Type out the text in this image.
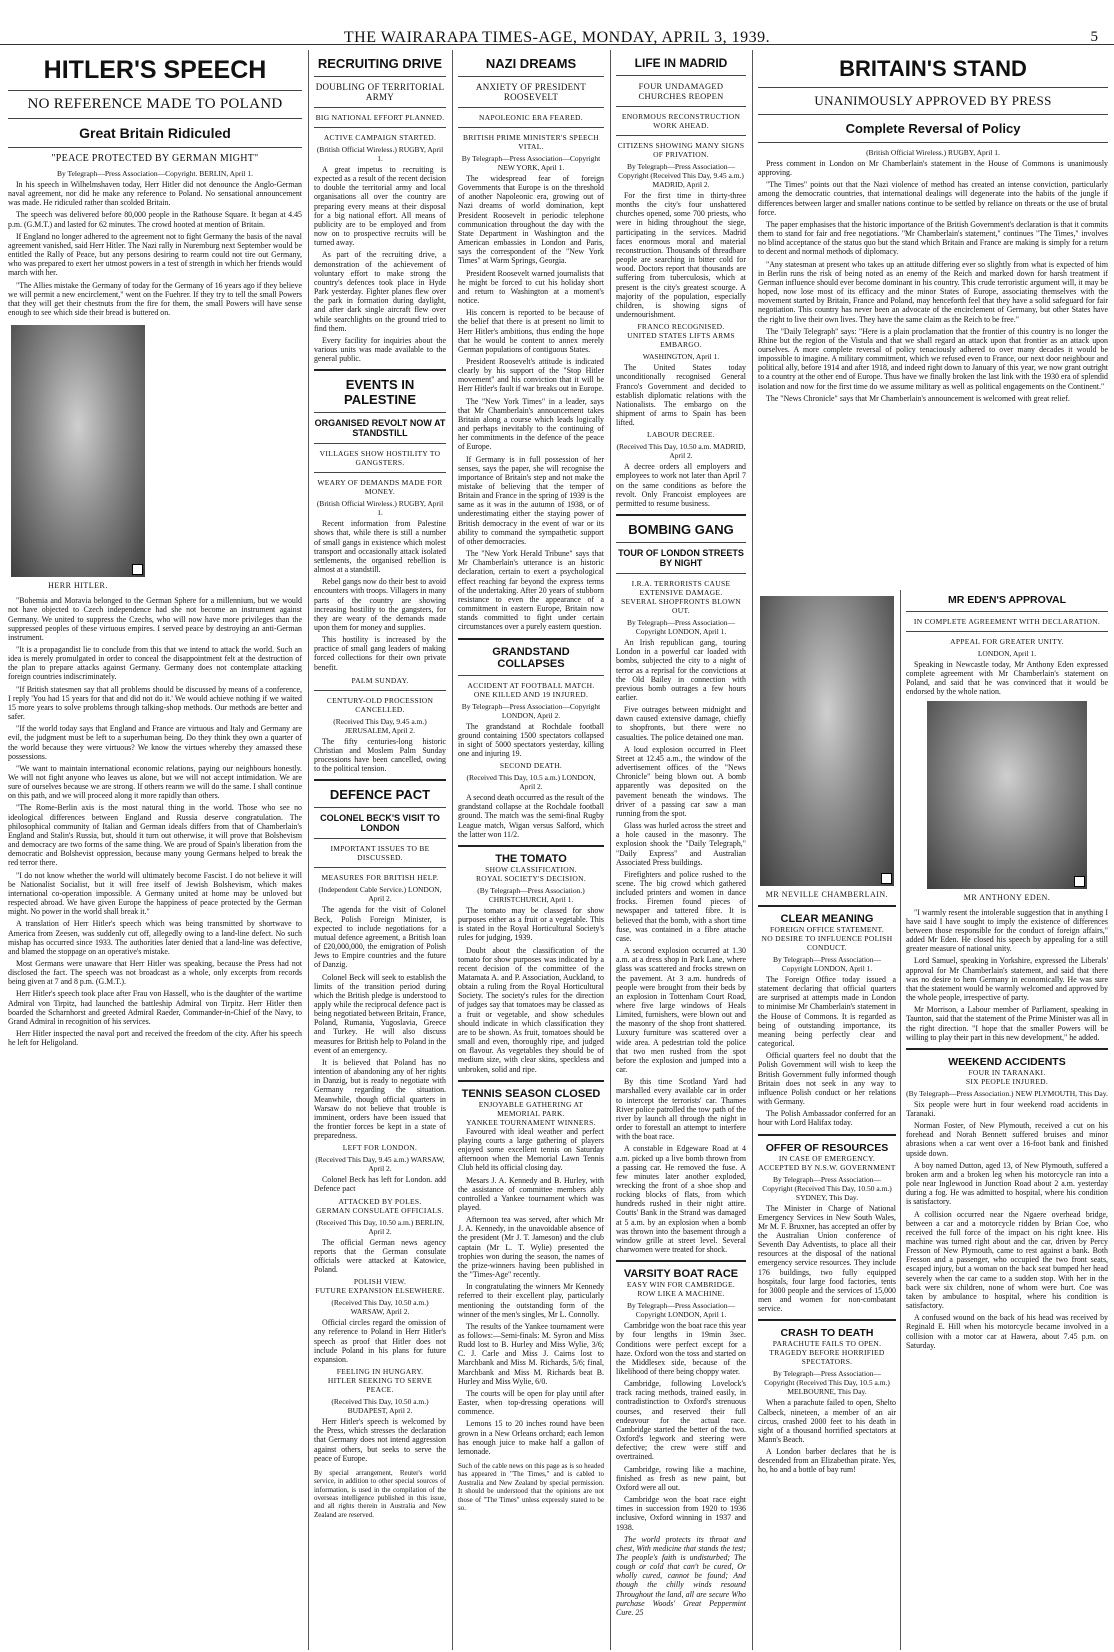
THE WAIRARAPA TIMES-AGE, MONDAY, APRIL 3, 1939.	5
HITLER'S SPEECH
NO REFERENCE MADE TO POLAND
Great Britain Ridiculed
"PEACE PROTECTED BY GERMAN MIGHT"
By Telegraph—Press Association—Copyright. BERLIN, April 1.

In his speech in Wilhelmshaven today, Herr Hitler did not denounce the Anglo-German naval agreement, nor did he make any reference to Poland. No sensational announcement was made. He ridiculed rather than scolded Britain.

The speech was delivered before 80,000 people in the Rathouse Square. It began at 4.45 p.m. (G.M.T.) and lasted for 62 minutes. The crowd hooted at mention of Britain.

If England no longer adhered to the agreement not to fight Germany the basis of the naval agreement vanished, said Herr Hitler. The Nazi rally in Nuremburg next September would be entitled the Rally of Peace, but any persons desiring to rearm could not tire out Germany, who was prepared to exert her utmost powers in a test of strength in which her friends would march with her.

"The Allies mistake the Germany of today for the Germany of 16 years ago if they believe we will permit a new encirclement," went on the Fuehrer. If they try to tell the small Powers that they will get their chestnuts from the fire for them, the small Powers will have sense enough to see which side their bread is buttered on.

HERR HITLER.

"Bohemia and Moravia belonged to the German Sphere for a millennium, but we would not have objected to Czech independence had she not become an instrument against Germany. We united to suppress the Czechs, who will now have more privileges than the suppressed peoples of these virtuous empires. I served peace by destroying an anti-German instrument.

"It is a propagandist lie to conclude from this that we intend to attack the world. Such an idea is merely promulgated in order to conceal the disappointment felt at the destruction of the plan to prepare attacks against Germany. Germany does not contemplate attacking foreign countries indiscriminately.

"If British statesmen say that all problems should be discussed by means of a conference, I reply 'You had 15 years for that and did not do it.' We would achieve nothing if we waited 15 more years to solve problems through talking-shop methods. Our methods are better and safer.

"If the world today says that England and France are virtuous and Italy and Germany are evil, the judgment must be left to a superhuman being. Do they think they own a quarter of the world because they were virtuous? We know the virtues whereby they amassed these possessions.

"We want to maintain international economic relations, paying our neighbours honestly. We will not fight anyone who leaves us alone, but we will not accept intimidation. We are sure of ourselves because we are strong. If others rearm we will do the same. I shall continue on this path, and we will proceed along it more rapidly than others.

"The Rome-Berlin axis is the most natural thing in the world. Those who see no ideological differences between England and Russia deserve congratulation. The philosophical community of Italian and German ideals differs from that of Chamberlain's England and Stalin's Russia, but, should it turn out otherwise, it will prove that Bolshevism and democracy are two forms of the same thing. We are proud of Spain's liberation from the democratic and Bolshevist oppression, because many young Germans helped to break the red terror there.

"I do not know whether the world will ultimately become Fascist. I do not believe it will be Nationalist Socialist, but it will free itself of Jewish Bolshevism, which makes international co-operation impossible. A Germany united at home may be unloved but respected abroad. We have given Europe the happiness of peace protected by the German might. No power in the world shall break it."

A translation of Herr Hitler's speech which was being transmitted by shortwave to America from Zeesen, was suddenly cut off, allegedly owing to a land-line defect. No such mishap has occurred since 1933. The authorities later denied that a land-line was defective, and blamed the stoppage on an operative's mistake.

Most Germans were unaware that Herr Hitler was speaking, because the Press had not disclosed the fact. The speech was not broadcast as a whole, only excerpts from records being given at 7 and 8 p.m. (G.M.T.).

Herr Hitler's speech took place after Frau von Hassell, who is the daughter of the wartime Admiral von Tirpitz, had launched the battleship Admiral von Tirpitz. Herr Hitler then boarded the Scharnhorst and greeted Admiral Raeder, Commander-in-Chief of the Navy, to Grand Admiral in recognition of his services.

Herr Hitler inspected the naval port and received the freedom of the city. After his speech he left for Heligoland.

RECRUITING DRIVE
DOUBLING OF TERRITORIAL ARMY
BIG NATIONAL EFFORT PLANNED.
ACTIVE CAMPAIGN STARTED.
(British Official Wireless.) RUGBY, April 1.

A great impetus to recruiting is expected as a result of the recent decision to double the territorial army and local organisations all over the country are preparing every means at their disposal for a big national effort. All means of publicity are to be employed and from now on to prospective recruits will be turned away.

As part of the recruiting drive, a demonstration of the achievement of voluntary effort to make strong the country's defences took place in Hyde Park yesterday. Fighter planes flew over the park in formation during daylight, and after dark single aircraft flew over while searchlights on the ground tried to find them.

Every facility for inquiries about the various units was made available to the general public.

EVENTS IN PALESTINE
ORGANISED REVOLT NOW AT STANDSTILL
VILLAGES SHOW HOSTILITY TO GANGSTERS.
WEARY OF DEMANDS MADE FOR MONEY.
(British Official Wireless.) RUGBY, April 1.

Recent information from Palestine shows that, while there is still a number of small gangs in existence which molest transport and occasionally attack isolated settlements, the organised rebellion is almost at a standstill.

Rebel gangs now do their best to avoid encounters with troops. Villagers in many parts of the country are showing increasing hostility to the gangsters, for they are weary of the demands made upon them for money and supplies.

This hostility is increased by the practice of small gang leaders of making forced collections for their own private benefit.

PALM SUNDAY.
CENTURY-OLD PROCESSION CANCELLED.
(Received This Day, 9.45 a.m.) JERUSALEM, April 2.

The fifty centuries-long historic Christian and Moslem Palm Sunday processions have been cancelled, owing to the political tension.

DEFENCE PACT
COLONEL BECK'S VISIT TO LONDON
IMPORTANT ISSUES TO BE DISCUSSED.
MEASURES FOR BRITISH HELP.
(Independent Cable Service.) LONDON, April 2.

The agenda for the visit of Colonel Beck, Polish Foreign Minister, is expected to include negotiations for a mutual defence agreement, a British loan of £20,000,000, the emigration of Polish Jews to Empire countries and the future of Danzig.

Colonel Beck will seek to establish the limits of the transition period during which the British pledge is understood to apply while the reciprocal defence pact is being negotiated between Britain, France, Poland, Rumania, Yugoslavia, Greece and Turkey. He will also discuss measures for British help to Poland in the event of an emergency.

It is believed that Poland has no intention of abandoning any of her rights in Danzig, but is ready to negotiate with Germany regarding the situation. Meanwhile, though official quarters in Warsaw do not believe that trouble is imminent, orders have been issued that the frontier forces be kept in a state of preparedness.

LEFT FOR LONDON.
(Received This Day, 9.45 a.m.) WARSAW, April 2.

Colonel Beck has left for London. add Defence pact

ATTACKED BY POLES.
GERMAN CONSULATE OFFICIALS.
(Received This Day, 10.50 a.m.) BERLIN, April 2.

The official German news agency reports that the German consulate officials were attacked at Katowice, Poland.

POLISH VIEW.
FUTURE EXPANSION ELSEWHERE.
(Received This Day, 10.50 a.m.) WARSAW, April 2.

Official circles regard the omission of any reference to Poland in Herr Hitler's speech as proof that Hitler does not include Poland in his plans for future expansion.

FEELING IN HUNGARY.
HITLER SEEKING TO SERVE PEACE.
(Received This Day, 10.50 a.m.) BUDAPEST, April 2.

Herr Hitler's speech is welcomed by the Press, which stresses the declaration that Germany does not intend aggression against others, but seeks to serve the peace of Europe.

By special arrangement, Reuter's world service, in addition to other special sources of information, is used in the compilation of the overseas intelligence published in this issue, and all rights therein in Australia and New Zealand are reserved.
NAZI DREAMS
ANXIETY OF PRESIDENT ROOSEVELT
NAPOLEONIC ERA FEARED.
BRITISH PRIME MINISTER'S SPEECH VITAL.
By Telegraph—Press Association—Copyright NEW YORK, April 1.

The widespread fear of foreign Governments that Europe is on the threshold of another Napoleonic era, growing out of Nazi dreams of world domination, kept President Roosevelt in periodic telephone communication throughout the day with the State Department in Washington and the American embassies in London and Paris, says the correspondent of the "New York Times" at Warm Springs, Georgia.

President Roosevelt warned journalists that he might be forced to cut his holiday short and return to Washington at a moment's notice.

His concern is reported to be because of the belief that there is at present no limit to Herr Hitler's ambitions, thus ending the hope that he would be content to annex merely German populations of contiguous States.

President Roosevelt's attitude is indicated clearly by his support of the "Stop Hitler movement" and his conviction that it will be Herr Hitler's fault if war breaks out in Europe.

The "New York Times" in a leader, says that Mr Chamberlain's announcement takes Britain along a course which leads logically and perhaps inevitably to the continuing of her commitments in the defence of the peace of Europe.

If Germany is in full possession of her senses, says the paper, she will recognise the importance of Britain's step and not make the mistake of believing that the temper of Britain and France in the spring of 1939 is the same as it was in the autumn of 1938, or of underestimating either the staying power of British democracy in the event of war or its ability to command the sympathetic support of other democracies.

The "New York Herald Tribune" says that Mr Chamberlain's utterance is an historic declaration, certain to exert a psychological effect reaching far beyond the express terms of the undertaking. After 20 years of stubborn resistance to even the appearance of a commitment in eastern Europe, Britain now stands committed to fight under certain circumstances over a purely eastern question.

GRANDSTAND COLLAPSES
ACCIDENT AT FOOTBALL MATCH.
ONE KILLED AND 19 INJURED.
By Telegraph—Press Association—Copyright LONDON, April 2.

The grandstand at Rochdale football ground containing 1500 spectators collapsed in sight of 5000 spectators yesterday, killing one and injuring 19.

SECOND DEATH.
(Received This Day, 10.5 a.m.) LONDON, April 2.

A second death occurred as the result of the grandstand collapse at the Rochdale football ground. The match was the semi-final Rugby League match, Wigan versus Salford, which the latter won 11/2.

THE TOMATO
SHOW CLASSIFICATION.
ROYAL SOCIETY'S DECISION.
(By Telegraph—Press Association.) CHRISTCHURCH, April 1.

The tomato may be classed for show purposes either as a fruit or a vegetable. This is stated in the Royal Horticultural Society's rules for judging, 1939.

Doubt about the classification of the tomato for show purposes was indicated by a recent decision of the committee of the Matamata A. and P. Association, Auckland, to obtain a ruling from the Royal Horticultural Society. The society's rules for the direction of judges say that tomatoes may be classed as a fruit or vegetable, and show schedules should indicate in which classification they are to be shown. As fruit, tomatoes should be small and even, thoroughly ripe, and judged on flavour. As vegetables they should be of medium size, with clear skins, speckless and unbroken, solid and ripe.

TENNIS SEASON CLOSED
ENJOYABLE GATHERING AT MEMORIAL PARK.
YANKEE TOURNAMENT WINNERS.

Favoured with ideal weather and perfect playing courts a large gathering of players enjoyed some excellent tennis on Saturday afternoon when the Memorial Lawn Tennis Club held its official closing day.

Mesars J. A. Kennedy and B. Hurley, with the assistance of committee members ably controlled a Yankee tournament which was played.

Afternoon tea was served, after which Mr J. A. Kennedy, in the unavoidable absence of the president (Mr J. T. Jameson) and the club captain (Mr L. T. Wylie) presented the trophies won during the season, the names of the prize-winners having been published in the "Times-Age" recently.

In congratulating the winners Mr Kennedy referred to their excellent play, particularly mentioning the outstanding form of the winner of the men's singles, Mr L. Connolly.

The results of the Yankee tournament were as follows:—Semi-finals: M. Syron and Miss Rudd lost to B. Hurley and Miss Wylie, 3/6; C. J. Carle and Miss J. Cairns lost to Marchbank and Miss M. Richards, 5/6; final, Marchbank and Miss M. Richards beat B. Hurley and Miss Wylie, 6/0.

The courts will be open for play until after Easter, when top-dressing operations will commence.

Lemons 15 to 20 inches round have been grown in a New Orleans orchard; each lemon has enough juice to make half a gallon of lemonade.

Such of the cable news on this page as is so headed has appeared in "The Times," and is cabled to Australia and New Zealand by special permission. It should be understood that the opinions are not those of "The Times" unless expressly stated to be so.
LIFE IN MADRID
FOUR UNDAMAGED CHURCHES REOPEN
ENORMOUS RECONSTRUCTION WORK AHEAD.
CITIZENS SHOWING MANY SIGNS OF PRIVATION.
By Telegraph—Press Association—Copyright (Received This Day, 9.45 a.m.) MADRID, April 2.

For the first time in thirty-three months the city's four unshattered churches opened, some 700 priests, who were in hiding throughout the siege, participating in the services. Madrid faces enormous moral and material reconstruction. Thousands of threadbare people are searching in bitter cold for wood. Doctors report that thousands are suffering from tuberculosis, which at present is the city's greatest scourge. A majority of the population, especially children, is showing signs of undernourishment.

FRANCO RECOGNISED.
UNITED STATES LIFTS ARMS EMBARGO.
WASHINGTON, April 1.

The United States today unconditionally recognised General Franco's Government and decided to establish diplomatic relations with the Nationalists. The embargo on the shipment of arms to Spain has been lifted.

LABOUR DECREE.
(Received This Day, 10.50 a.m. MADRID, April 2.

A decree orders all employers and employees to work not later than April 7 on the same conditions as before the revolt. Only Francoist employees are permitted to resume business.

BOMBING GANG
TOUR OF LONDON STREETS BY NIGHT
I.R.A. TERRORISTS CAUSE EXTENSIVE DAMAGE.
SEVERAL SHOPFRONTS BLOWN OUT.
By Telegraph—Press Association—Copyright LONDON, April 1.

An Irish republican gang, touring London in a powerful car loaded with bombs, subjected the city to a night of terror as a reprisal for the convictions at the Old Bailey in connection with previous bomb outrages a few hours earlier.

Five outrages between midnight and dawn caused extensive damage, chiefly to shopfronts, but there were no casualties. The police detained one man.

A loud explosion occurred in Fleet Street at 12.45 a.m., the window of the advertisement offices of the "News Chronicle" being blown out. A bomb apparently was deposited on the pavement beneath the windows. The driver of a passing car saw a man running from the spot.

Glass was hurled across the street and a hole caused in the masonry. The explosion shook the "Daily Telegraph," "Daily Express" and Australian Associated Press buildings.

Firefighters and police rushed to the scene. The big crowd which gathered included printers and women in dance frocks. Firemen found pieces of newspaper and tattered fibre. It is believed that the bomb, with a short time fuse, was contained in a fibre attache case.

A second explosion occurred at 1.30 a.m. at a dress shop in Park Lane, where glass was scattered and frocks strewn on the pavement. At 3 a.m. hundreds of people were brought from their beds by an explosion in Tottenham Court Road, where five large windows of Heals Limited, furnishers, were blown out and the masonry of the shop front shattered. Luxury furniture was scattered over a wide area. A pedestrian told the police that two men rushed from the spot before the explosion and jumped into a car.

By this time Scotland Yard had marshalled every available car in order to intercept the terrorists' car. Thames River police patrolled the tow path of the river by launch all through the night in order to forestall an attempt to interfere with the boat race.

A constable in Edgeware Road at 4 a.m. picked up a live bomb thrown from a passing car. He removed the fuse. A few minutes later another exploded, wrecking the front of a shoe shop and rocking blocks of flats, from which hundreds rushed in their night attire. Coutts' Bank in the Strand was damaged at 5 a.m. by an explosion when a bomb was thrown into the basement through a window grille at street level. Several charwomen were treated for shock.

VARSITY BOAT RACE
EASY WIN FOR CAMBRIDGE.
ROW LIKE A MACHINE.
By Telegraph—Press Association—Copyright LONDON, April 1.

Cambridge won the boat race this year by four lengths in 19min 3sec. Conditions were perfect except for a haze. Oxford won the toss and started on the Middlesex side, because of the likelihood of there being choppy water.

Cambridge, following Lovelock's track racing methods, trained easily, in contradistinction to Oxford's strenuous courses, and reserved their full endeavour for the actual race. Cambridge started the better of the two. Oxford's legwork and steering were defective; the crew were stiff and overtrained.

Cambridge, rowing like a machine, finished as fresh as new paint, but Oxford were all out.

Cambridge won the boat race eight times in succession from 1920 to 1936 inclusive, Oxford winning in 1937 and 1938.

The world protects its throat and chest, With medicine that stands the test; The people's faith is undisturbed; The cough or cold that can't be cured, Or wholly cured, cannot be found; And though the chilly winds resound Throughout the land, all are secure Who purchase Woods' Great Peppermint Cure. 25

BRITAIN'S STAND
UNANIMOUSLY APPROVED BY PRESS
Complete Reversal of Policy
(British Official Wireless.) RUGBY, April 1.

Press comment in London on Mr Chamberlain's statement in the House of Commons is unanimously approving.

"The Times" points out that the Nazi violence of method has created an intense conviction, particularly among the democratic countries, that international dealings will degenerate into the habits of the jungle if differences between larger and smaller nations continue to be settled by reliance on threats or the use of brutal force.

The paper emphasises that the historic importance of the British Government's declaration is that it commits them to stand for fair and free negotiations. "Mr Chamberlain's statement," continues "The Times," involves no blind acceptance of the status quo but the stand which Britain and France are making is simply for a return to decent and normal methods of diplomacy.

"Any statesman at present who takes up an attitude differing ever so slightly from what is expected of him in Berlin runs the risk of being noted as an enemy of the Reich and marked down for harsh treatment if German influence should ever become dominant in his country. This crude terroristic argument will, it may be hoped, now lose most of its efficacy and the minor States of Europe, associating themselves with the movement started by Britain, France and Poland, may henceforth feel that they have a solid safeguard for fair negotiation. This country has never been an advocate of the encirclement of Germany, but other States have the right to live their own lives. They have the same claim as the Reich to be free."

The "Daily Telegraph" says: "Here is a plain proclamation that the frontier of this country is no longer the Rhine but the region of the Vistula and that we shall regard an attack upon that frontier as an attack upon ourselves. A more complete reversal of policy tenaciously adhered to over many decades it would be impossible to imagine. A military commitment, which we refused even to France, our next door neighbour and political ally, before 1914 and after 1918, and indeed right down to January of this year, we now grant outright to a country at the other end of Europe. Thus have we finally broken the last link with the 1930 era of splendid isolation and now for the first time do we assume military as well as political engagements on the Continent."

The "News Chronicle" says that Mr Chamberlain's announcement is welcomed with great relief.

MR NEVILLE CHAMBERLAIN.
CLEAR MEANING
FOREIGN OFFICE STATEMENT.
NO DESIRE TO INFLUENCE POLISH CONDUCT.
By Telegraph—Press Association—Copyright LONDON, April 1.

The Foreign Office today issued a statement declaring that official quarters are surprised at attempts made in London to minimise Mr Chamberlain's statement in the House of Commons. It is regarded as being of outstanding importance, its meaning being perfectly clear and categorical.

Official quarters feel no doubt that the Polish Government will wish to keep the British Government fully informed though Britain does not seek in any way to influence Polish conduct or her relations with Germany.

The Polish Ambassador conferred for an hour with Lord Halifax today.

OFFER OF RESOURCES
IN CASE OF EMERGENCY.
ACCEPTED BY N.S.W. GOVERNMENT
By Telegraph—Press Association—Copyright (Received This Day, 10.50 a.m.) SYDNEY, This Day.

The Minister in Charge of National Emergency Services in New South Wales, Mr M. F. Bruxner, has accepted an offer by the Australian Union conference of Seventh Day Adventists, to place all their resources at the disposal of the national emergency service resources. They include 176 buildings, two fully equipped hospitals, four large food factories, tents for 3000 people and the services of 15,000 men and women for non-combatant service.

CRASH TO DEATH
PARACHUTE FAILS TO OPEN.
TRAGEDY BEFORE HORRIFIED SPECTATORS.
By Telegraph—Press Association—Copyright (Received This Day, 10.5 a.m.) MELBOURNE, This Day.

When a parachute failed to open, Shelto Calbeck, nineteen, a member of an air circus, crashed 2000 feet to his death in sight of a thousand horrified spectators at Mann's Beach.

A London barber declares that he is descended from an Elizabethan pirate. Yes, ho, ho and a bottle of bay rum!

MR EDEN'S APPROVAL
IN COMPLETE AGREEMENT WITH DECLARATION.
APPEAL FOR GREATER UNITY.
LONDON, April 1.

Speaking in Newcastle today, Mr Anthony Eden expressed complete agreement with Mr Chamberlain's statement on Poland, and said that he was convinced that it would be endorsed by the whole nation.

MR ANTHONY EDEN.

"I warmly resent the intolerable suggestion that in anything I have said I have sought to imply the existence of differences between those responsible for the conduct of foreign affairs," added Mr Eden. He closed his speech by appealing for a still greater measure of national unity.

Lord Samuel, speaking in Yorkshire, expressed the Liberals' approval for Mr Chamberlain's statement, and said that there was no desire to hem Germany in economically. He was sure that the statement would be warmly welcomed and approved by the whole people, irrespective of party.

Mr Morrison, a Labour member of Parliament, speaking in Taunton, said that the statement of the Prime Minister was all in the right direction. "I hope that the smaller Powers will be willing to play their part in this new development," he added.

WEEKEND ACCIDENTS
FOUR IN TARANAKI.
SIX PEOPLE INJURED.
(By Telegraph—Press Association.) NEW PLYMOUTH, This Day.

Six people were hurt in four weekend road accidents in Taranaki.

Norman Foster, of New Plymouth, received a cut on his forehead and Norah Bennett suffered bruises and minor abrasions when a car went over a 16-foot bank and finished upside down.

A boy named Dutton, aged 13, of New Plymouth, suffered a broken arm and a broken leg when his motorcycle ran into a pole near Inglewood in Junction Road about 2 a.m. yesterday during a fog. He was admitted to hospital, where his condition is satisfactory.

A collision occurred near the Ngaere overhead bridge, between a car and a motorcycle ridden by Brian Coe, who received the full force of the impact on his right knee. His machine was turned right about and the car, driven by Percy Fresson of New Plymouth, came to rest against a bank. Both Fresson and a passenger, who occupied the two front seats, escaped injury, but a woman on the back seat bumped her head severely when the car came to a sudden stop. With her in the back were six children, none of whom were hurt. Coe was taken by ambulance to hospital, where his condition is satisfactory.

A confused wound on the back of his head was received by Reginald E. Hill when his motorcycle became involved in a collision with a motor car at Hawera, about 7.45 p.m. on Saturday.
